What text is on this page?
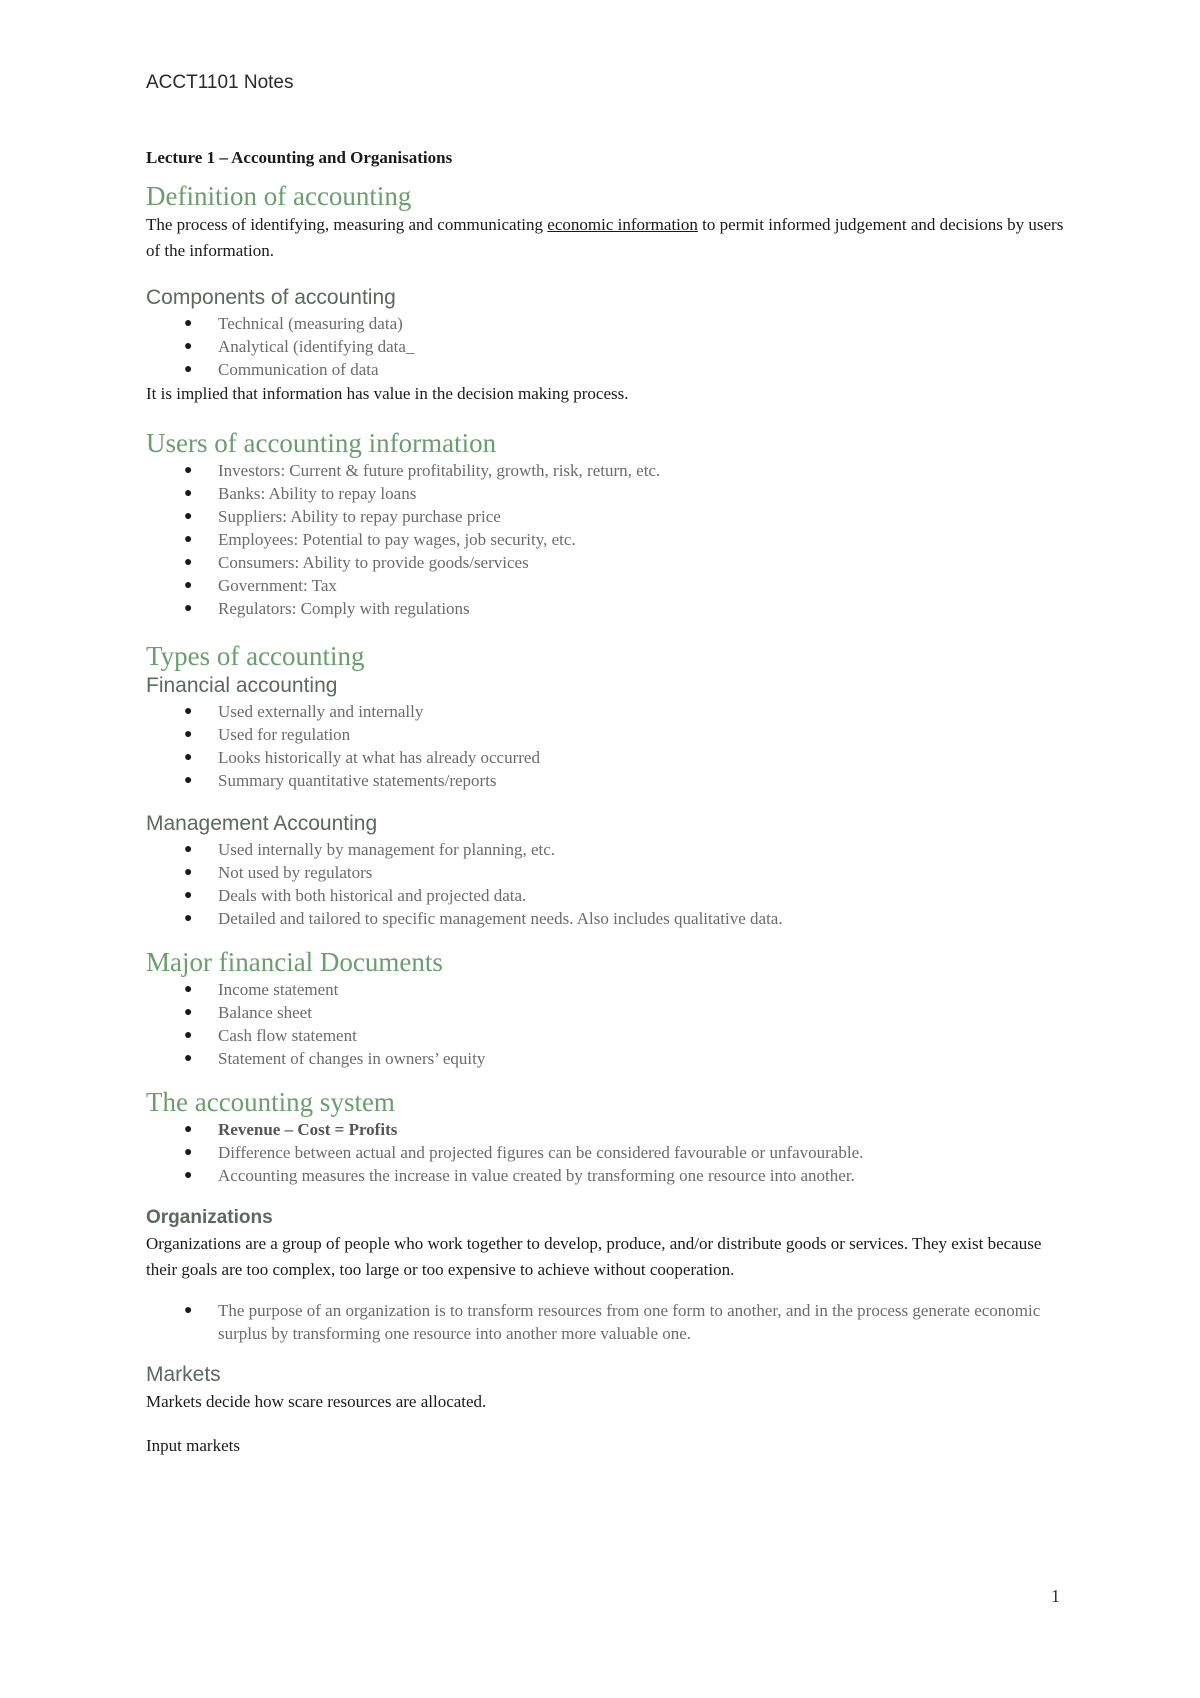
ACCT1101 Notes

Lecture 1 – Accounting and Organisations

Definition of accounting

The process of identifying, measuring and communicating economic information to permit informed judgement and decisions by users of the information.

Components of accounting
● Technical (measuring data)
● Analytical (identifying data_
● Communication of data

It is implied that information has value in the decision making process.

Users of accounting information
● Investors: Current & future profitability, growth, risk, return, etc.
● Banks: Ability to repay loans
● Suppliers: Ability to repay purchase price
● Employees: Potential to pay wages, job security, etc.
● Consumers: Ability to provide goods/services
● Government: Tax
● Regulators: Comply with regulations
Types of accounting
Financial accounting
● Used externally and internally
● Used for regulation
● Looks historically at what has already occurred
● Summary quantitative statements/reports
Management Accounting
● Used internally by management for planning, etc.
● Not used by regulators
● Deals with both historical and projected data.
● Detailed and tailored to specific management needs. Also includes qualitative data.
Major financial Documents
● Income statement
● Balance sheet
● Cash flow statement
● Statement of changes in owners’ equity
The accounting system
● Revenue – Cost = Profits
● Difference between actual and projected figures can be considered favourable or unfavourable.
● Accounting measures the increase in value created by transforming one resource into another.
Organizations

Organizations are a group of people who work together to develop, produce, and/or distribute goods or services. They exist because their goals are too complex, too large or too expensive to achieve without cooperation.

● The purpose of an organization is to transform resources from one form to another, and in the process generate economic surplus by transforming one resource into another more valuable one.
Markets

Markets decide how scare resources are allocated.

Input markets

1
